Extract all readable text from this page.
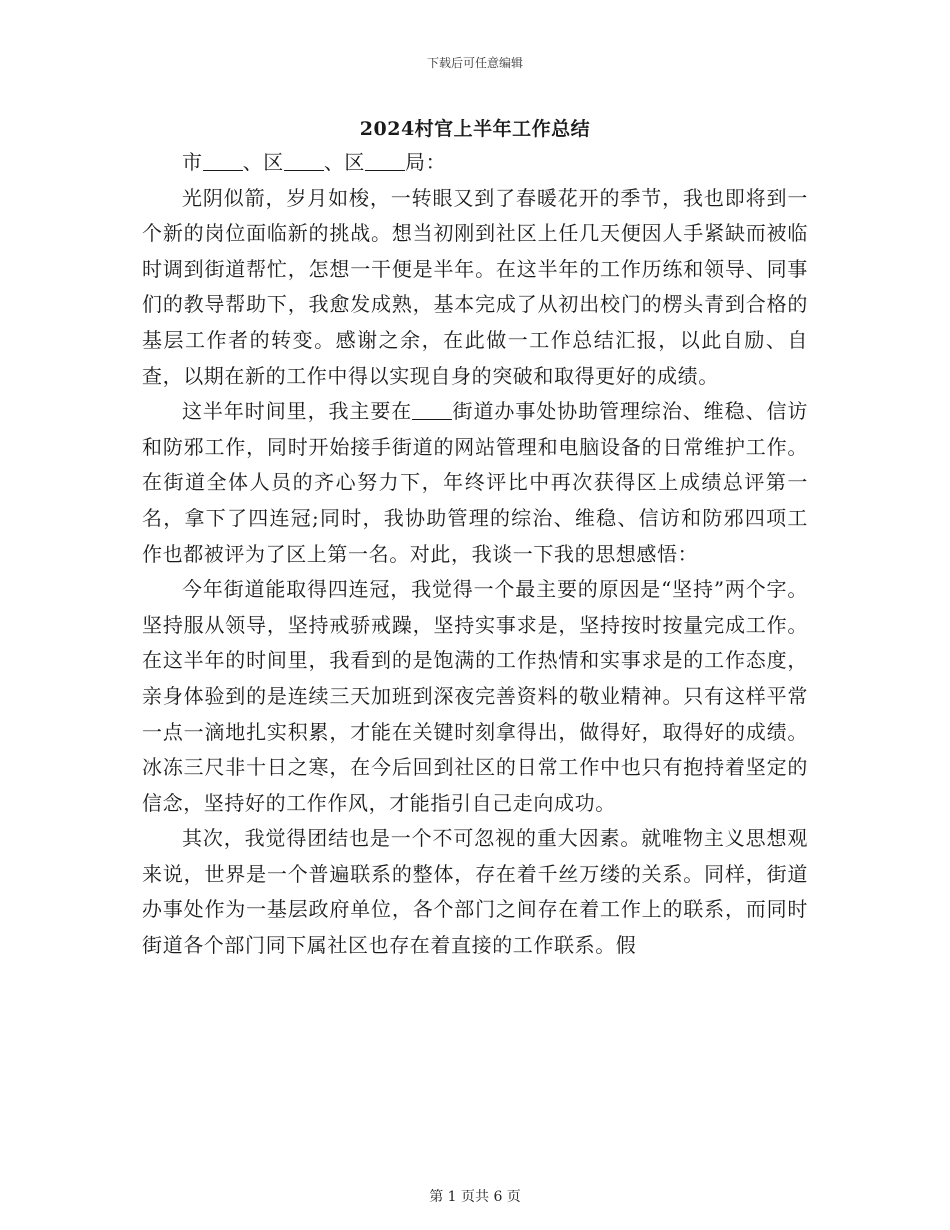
下载后可任意编辑
2024村官上半年工作总结

市 、区 、区 局：

光阴似箭，岁月如梭，一转眼又到了春暖花开的季节，我也即将到一个新的岗位面临新的挑战。想当初刚到社区上任几天便因人手紧缺而被临时调到街道帮忙，怎想一干便是半年。在这半年的工作历练和领导、同事们的教导帮助下，我愈发成熟，基本完成了从初出校门的楞头青到合格的基层工作者的转变。感谢之余，在此做一工作总结汇报，以此自励、自查，以期在新的工作中得以实现自身的突破和取得更好的成绩。

这半年时间里，我主要在 街道办事处协助管理综治、维稳、信访和防邪工作，同时开始接手街道的网站管理和电脑设备的日常维护工作。在街道全体人员的齐心努力下，年终评比中再次获得区上成绩总评第一名，拿下了四连冠;同时，我协助管理的综治、维稳、信访和防邪四项工作也都被评为了区上第一名。对此，我谈一下我的思想感悟：

今年街道能取得四连冠，我觉得一个最主要的原因是“坚持”两个字。坚持服从领导，坚持戒骄戒躁，坚持实事求是，坚持按时按量完成工作。在这半年的时间里，我看到的是饱满的工作热情和实事求是的工作态度，亲身体验到的是连续三天加班到深夜完善资料的敬业精神。只有这样平常一点一滴地扎实积累，才能在关键时刻拿得出，做得好，取得好的成绩。冰冻三尺非十日之寒，在今后回到社区的日常工作中也只有抱持着坚定的信念，坚持好的工作作风，才能指引自己走向成功。

其次，我觉得团结也是一个不可忽视的重大因素。就唯物主义思想观来说，世界是一个普遍联系的整体，存在着千丝万缕的关系。同样，街道办事处作为一基层政府单位，各个部门之间存在着工作上的联系，而同时街道各个部门同下属社区也存在着直接的工作联系。假

第 1 页共 6 页
